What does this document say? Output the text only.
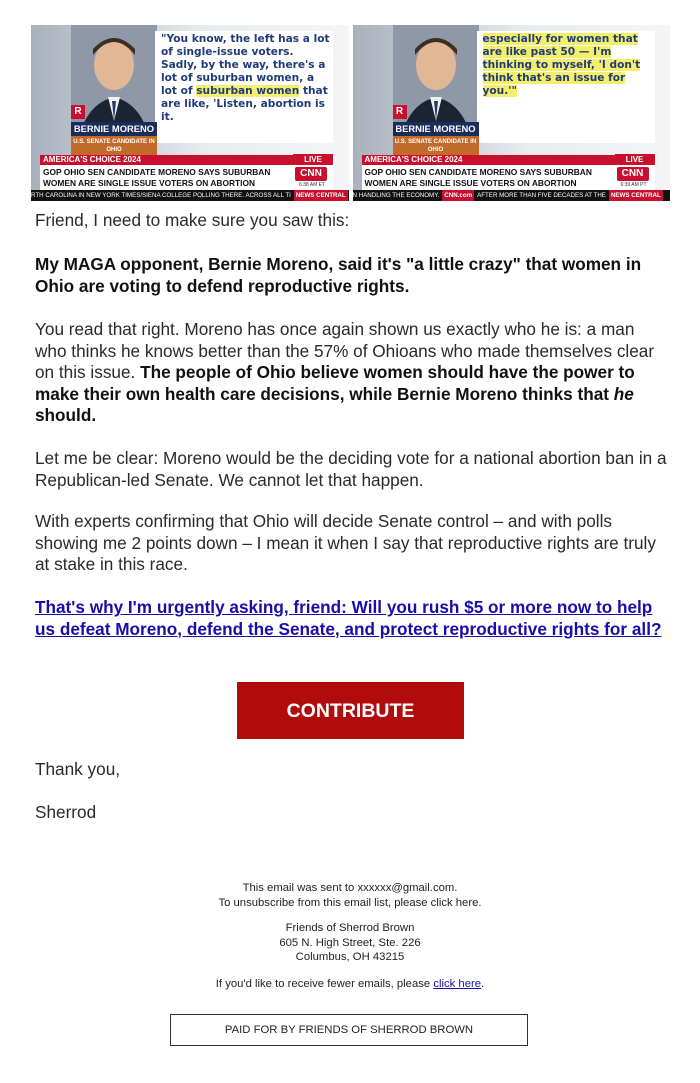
"You know, the left has a lot of single-issue voters. Sadly, by the way, there's a lot of suburban women, a lot of suburban women that are like, 'Listen, abortion is it.
R
BERNIE MORENO
U.S. SENATE CANDIDATE IN OHIO
AMERICA'S CHOICE 2024	LIVE
GOP OHIO SEN CANDIDATE MORENO SAYS SUBURBAN WOMEN ARE SINGLE ISSUE VOTERS ON ABORTION
CNN
6:38 AM ET
RTH CAROLINA IN NEW YORK TIMES/SIENA COLLEGE POLLING THERE. ACROSS ALL TI NEWS CENTRAL
especially for women that are like past 50 — I'm thinking to myself, 'I don't think that's an issue for you.'"
R
BERNIE MORENO
U.S. SENATE CANDIDATE IN OHIO
AMERICA'S CHOICE 2024	LIVE
GOP OHIO SEN CANDIDATE MORENO SAYS SUBURBAN WOMEN ARE SINGLE ISSUE VOTERS ON ABORTION
CNN
6:39 AM PT
N HANDLING THE ECONOMY. CNN.com AFTER MORE THAN FIVE DECADES AT THE NEWS CENTRAL

Friend, I need to make sure you saw this:

My MAGA opponent, Bernie Moreno, said it's "a little crazy" that women in Ohio are voting to defend reproductive rights.

You read that right. Moreno has once again shown us exactly who he is: a man who thinks he knows better than the 57% of Ohioans who made themselves clear on this issue. The people of Ohio believe women should have the power to make their own health care decisions, while Bernie Moreno thinks that he should.

Let me be clear: Moreno would be the deciding vote for a national abortion ban in a Republican-led Senate. We cannot let that happen.

With experts confirming that Ohio will decide Senate control – and with polls showing me 2 points down – I mean it when I say that reproductive rights are truly at stake in this race.

That's why I'm urgently asking, friend: Will you rush $5 or more now to help us defeat Moreno, defend the Senate, and protect reproductive rights for all?

CONTRIBUTE

Thank you,

Sherrod

This email was sent to xxxxxx@gmail.com.
To unsubscribe from this email list, please click here.
Friends of Sherrod Brown
605 N. High Street, Ste. 226
Columbus, OH 43215
If you'd like to receive fewer emails, please click here.
PAID FOR BY FRIENDS OF SHERROD BROWN
